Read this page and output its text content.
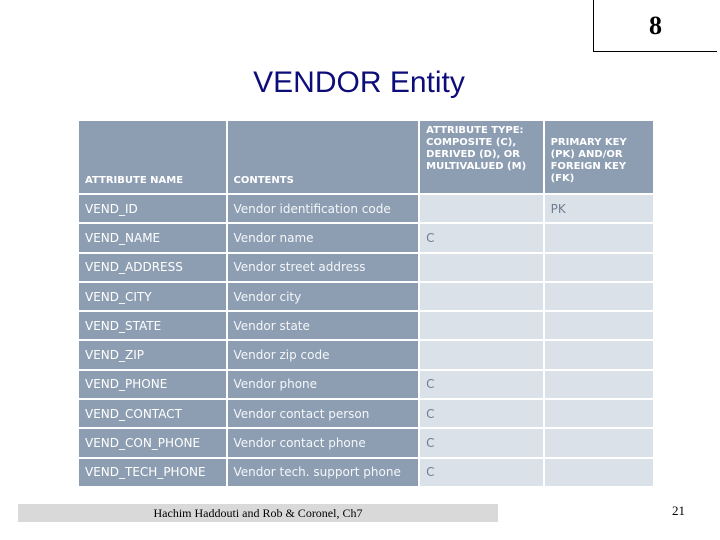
8
VENDOR Entity
ATTRIBUTE NAME	CONTENTS	ATTRIBUTE TYPE: COMPOSITE (C), DERIVED (D), OR MULTIVALUED (M)	PRIMARY KEY (PK) AND/OR FOREIGN KEY (FK)
VEND_ID	Vendor identification code		PK
VEND_NAME	Vendor name	C	
VEND_ADDRESS	Vendor street address		
VEND_CITY	Vendor city		
VEND_STATE	Vendor state		
VEND_ZIP	Vendor zip code		
VEND_PHONE	Vendor phone	C	
VEND_CONTACT	Vendor contact person	C	
VEND_CON_PHONE	Vendor contact phone	C	
VEND_TECH_PHONE	Vendor tech. support phone	C	
Hachim Haddouti and Rob & Coronel, Ch7	21
